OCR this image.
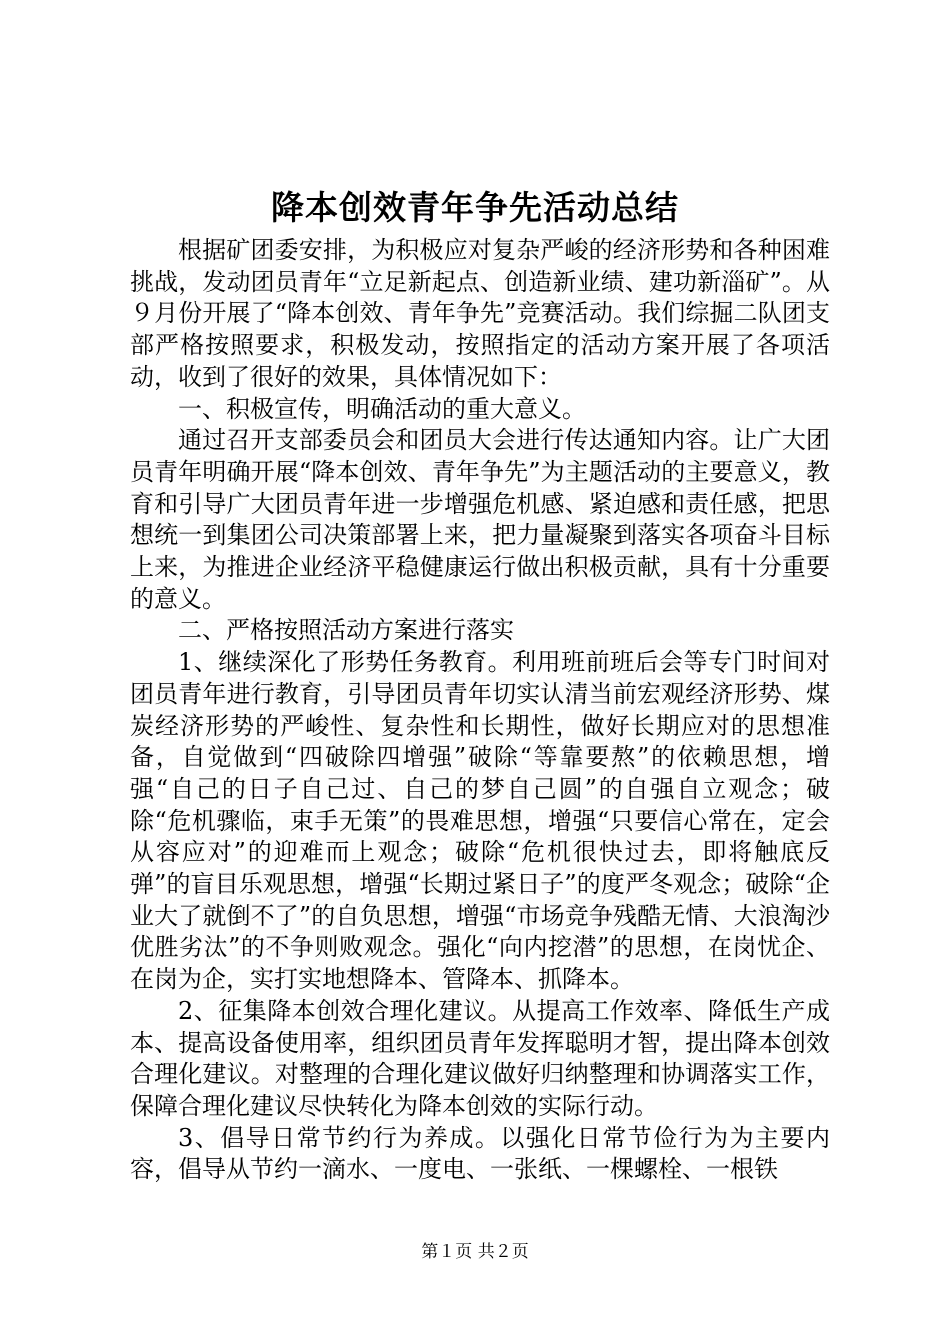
降本创效青年争先活动总结

根据矿团委安排，为积极应对复杂严峻的经济形势和各种困难挑战，发动团员青年“立足新起点、创造新业绩、建功新淄矿”。从９月份开展了“降本创效、青年争先”竞赛活动。我们综掘二队团支部严格按照要求，积极发动，按照指定的活动方案开展了各项活动，收到了很好的效果，具体情况如下：

一、积极宣传，明确活动的重大意义。

通过召开支部委员会和团员大会进行传达通知内容。让广大团员青年明确开展“降本创效、青年争先”为主题活动的主要意义，教育和引导广大团员青年进一步增强危机感、紧迫感和责任感，把思想统一到集团公司决策部署上来，把力量凝聚到落实各项奋斗目标上来，为推进企业经济平稳健康运行做出积极贡献，具有十分重要的意义。

二、严格按照活动方案进行落实

1、继续深化了形势任务教育。利用班前班后会等专门时间对团员青年进行教育，引导团员青年切实认清当前宏观经济形势、煤炭经济形势的严峻性、复杂性和长期性，做好长期应对的思想准备，自觉做到“四破除四增强”破除“等靠要熬”的依赖思想，增强“自己的日子自己过、自己的梦自己圆”的自强自立观念；破除“危机骤临，束手无策”的畏难思想，增强“只要信心常在，定会从容应对”的迎难而上观念；破除“危机很快过去，即将触底反弹”的盲目乐观思想，增强“长期过紧日子”的度严冬观念；破除“企业大了就倒不了”的自负思想，增强“市场竞争残酷无情、大浪淘沙优胜劣汰”的不争则败观念。强化“向内挖潜”的思想，在岗忧企、在岗为企，实打实地想降本、管降本、抓降本。

2、征集降本创效合理化建议。从提高工作效率、降低生产成本、提高设备使用率，组织团员青年发挥聪明才智，提出降本创效合理化建议。对整理的合理化建议做好归纳整理和协调落实工作，保障合理化建议尽快转化为降本创效的实际行动。

3、倡导日常节约行为养成。以强化日常节俭行为为主要内容，倡导从节约一滴水、一度电、一张纸、一棵螺栓、一根铁

第１页 共２页
